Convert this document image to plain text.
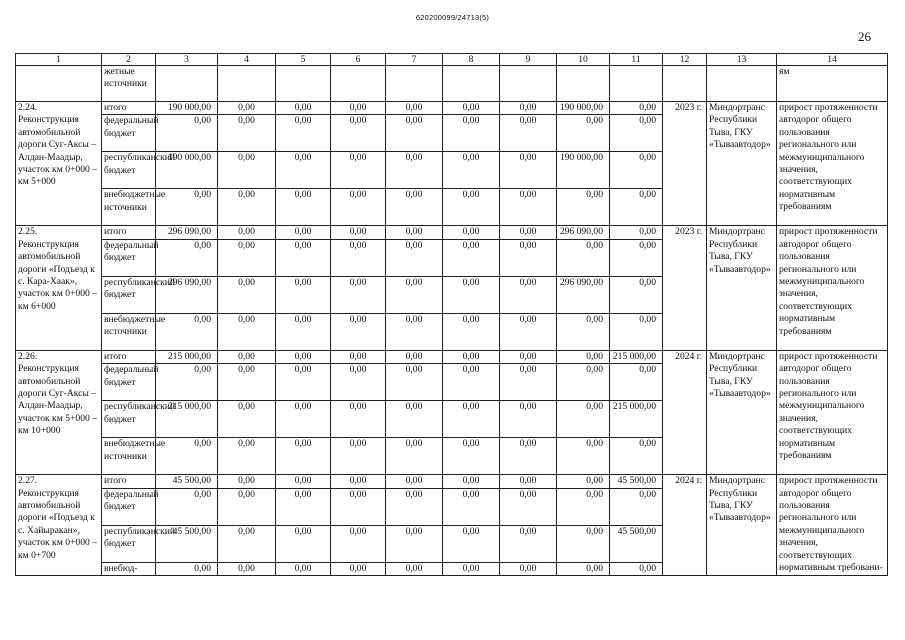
620200099/24713(5)
26
1	2	3	4	5	6	7	8	9	10	11	12	13	14
	жетные источники												ям
2.24. Реконструкция автомобильной дороги Суг-Аксы – Алдан-Маадыр, участок км 0+000 – км 5+000	итого	190 000,00	0,00	0,00	0,00	0,00	0,00	0,00	190 000,00	0,00	2023 г.	Миндортранс Республики Тыва, ГКУ «Тываавтодор»	прирост протяженности автодорог общего пользования регионального или межмуниципального значения, соответствующих нормативным требованиям
	федеральный бюджет	0,00	0,00	0,00	0,00	0,00	0,00	0,00	0,00	0,00			
	республиканский бюджет	190 000,00	0,00	0,00	0,00	0,00	0,00	0,00	190 000,00	0,00			
	внебюджетные источники	0,00	0,00	0,00	0,00	0,00	0,00	0,00	0,00	0,00			
2.25. Реконструкция автомобильной дороги «Подъезд к с. Кара-Хаак», участок км 0+000 – км 6+000	итого	296 090,00	0,00	0,00	0,00	0,00	0,00	0,00	296 090,00	0,00	2023 г.	Миндортранс Республики Тыва, ГКУ «Тываавтодор»	прирост протяженности автодорог общего пользования регионального или межмуниципального значения, соответствующих нормативным требованиям
	федеральный бюджет	0,00	0,00	0,00	0,00	0,00	0,00	0,00	0,00	0,00			
	республиканский бюджет	296 090,00	0,00	0,00	0,00	0,00	0,00	0,00	296 090,00	0,00			
	внебюджетные источники	0,00	0,00	0,00	0,00	0,00	0,00	0,00	0,00	0,00			
2.26. Реконструкция автомобильной дороги Суг-Аксы – Алдан-Маадыр, участок км 5+000 – км 10+000	итого	215 000,00	0,00	0,00	0,00	0,00	0,00	0,00	0,00	215 000,00	2024 г.	Миндортранс Республики Тыва, ГКУ «Тываавтодор»	прирост протяженности автодорог общего пользования регионального или межмуниципального значения, соответствующих нормативным требованиям
	федеральный бюджет	0,00	0,00	0,00	0,00	0,00	0,00	0,00	0,00	0,00			
	республиканский бюджет	215 000,00	0,00	0,00	0,00	0,00	0,00	0,00	0,00	215 000,00			
	внебюджетные источники	0,00	0,00	0,00	0,00	0,00	0,00	0,00	0,00	0,00			
2.27. Реконструкция автомобильной дороги «Подъезд к с. Хайыракан», участок км 0+000 – км 0+700	итого	45 500,00	0,00	0,00	0,00	0,00	0,00	0,00	0,00	45 500,00	2024 г.	Миндортранс Республики Тыва, ГКУ «Тываавтодор»	прирост протяженности автодорог общего пользования регионального или межмуниципального значения, соответствующих нормативным требовани-
	федеральный бюджет	0,00	0,00	0,00	0,00	0,00	0,00	0,00	0,00	0,00			
	республиканский бюджет	45 500,00	0,00	0,00	0,00	0,00	0,00	0,00	0,00	45 500,00			
	внебюд-	0,00	0,00	0,00	0,00	0,00	0,00	0,00	0,00	0,00			
